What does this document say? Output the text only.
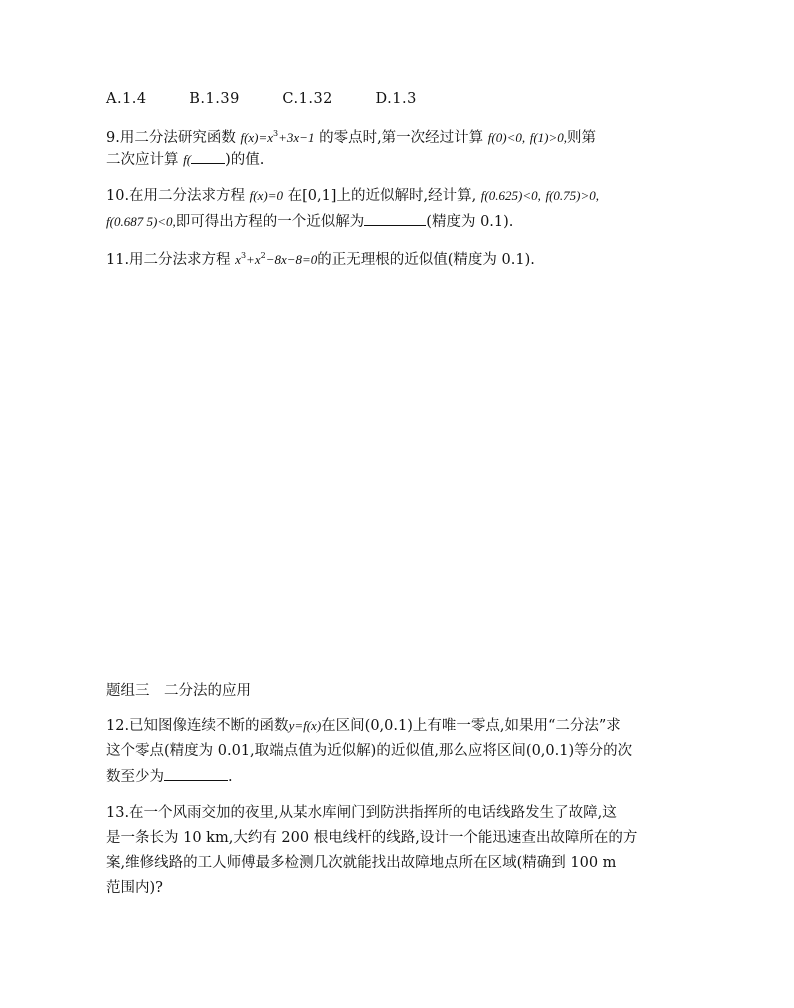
A.1.4	B.1.39	C.1.32	D.1.3
9.用二分法研究函数 $f(x)=x^3+3x-1$ 的零点时,第一次经过计算 f(0)<0, f(1)>0,则第
二次应计算 f( )的值.
10.在用二分法求方程 f(x)=0 在[0,1]上的近似解时,经计算, f(0.625)<0, f(0.75)>0,
f(0.687 5)<0,即可得出方程的一个近似解为	(精度为 0.1).
11.用二分法求方程 $x^3+x^2-8x-8=0$的正无理根的近似值(精度为 0.1).
题组三　二分法的应用
12.已知图像连续不断的函数y=f(x)在区间(0,0.1)上有唯一零点,如果用“二分法”求
这个零点(精度为 0.01,取端点值为近似解)的近似值,那么应将区间(0,0.1)等分的次
数至少为	.
13.在一个风雨交加的夜里,从某水库闸门到防洪指挥所的电话线路发生了故障,这
是一条长为 10 km,大约有 200 根电线杆的线路,设计一个能迅速查出故障所在的方
案,维修线路的工人师傅最多检测几次就能找出故障地点所在区域(精确到 100 m
范围内)?
